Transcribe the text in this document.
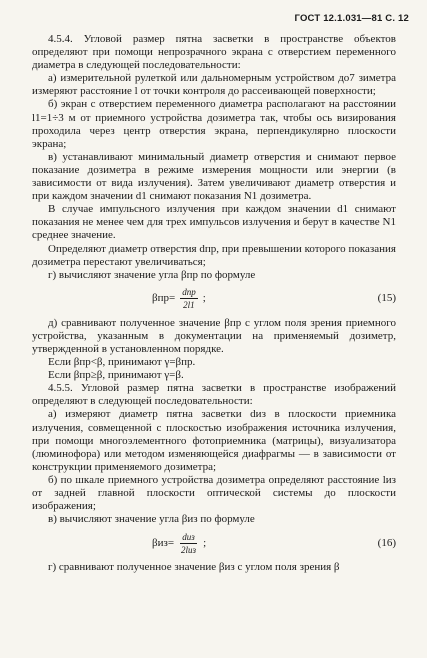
ГОСТ 12.1.031—81 С. 12

4.5.4. Угловой размер пятна засветки в пространстве объектов определяют при помощи непрозрачного экрана с отверстием переменного диаметра в следующей последовательности:

а) измерительной рулеткой или дальномерным устройством до7 зиметра измеряют расстояние l от точки контроля до рассеивающей поверхности;

б) экран с отверстием переменного диаметра располагают на расстоянии l1=1÷3 м от приемного устройства дозиметра так, чтобы ось визирования проходила через центр отверстия экрана, перпендикулярно плоскости экрана;

в) устанавливают минимальный диаметр отверстия и снимают первое показание дозиметра в режиме измерения мощности или энергии (в зависимости от вида излучения). Затем увеличивают диаметр отверстия и при каждом значении d1 снимают показания N1 дозиметра.

В случае импульсного излучения при каждом значении d1 снимают показания не менее чем для трех импульсов излучения и берут в качестве N1 среднее значение.

Определяют диаметр отверстия dпр, при превышении которого показания дозиметра перестают увеличиваться;

г) вычисляют значение угла βпр по формуле

$\beta пр= \frac{\text{dпр}}{2l1}$ ;	(15)

д) сравнивают полученное значение βпр с углом поля зрения приемного устройства, указанным в документации на применяемый дозиметр, утвержденной в установленном порядке.

Если βпр<β, принимают γ=βпр.

Если βпр≥β, принимают γ=β.

4.5.5. Угловой размер пятна засветки в пространстве изображений определяют в следующей последовательности:

а) измеряют диаметр пятна засветки dиз в плоскости приемника излучения, совмещенной с плоскостью изображения источника излучения, при помощи многоэлементного фотоприемника (матрицы), визуализатора (люминофора) или методом изменяющейся диафрагмы — в зависимости от конструкции применяемого дозиметра;

б) по шкале приемного устройства дозиметра определяют расстояние lиз от задней главной плоскости оптической системы до плоскости изображения;

в) вычисляют значение угла βиз по формуле

$\beta из= \frac{\text{dиз}}{\text{2lиз}}$ ;	(16)

г) сравнивают полученное значение βиз с углом поля зрения β
